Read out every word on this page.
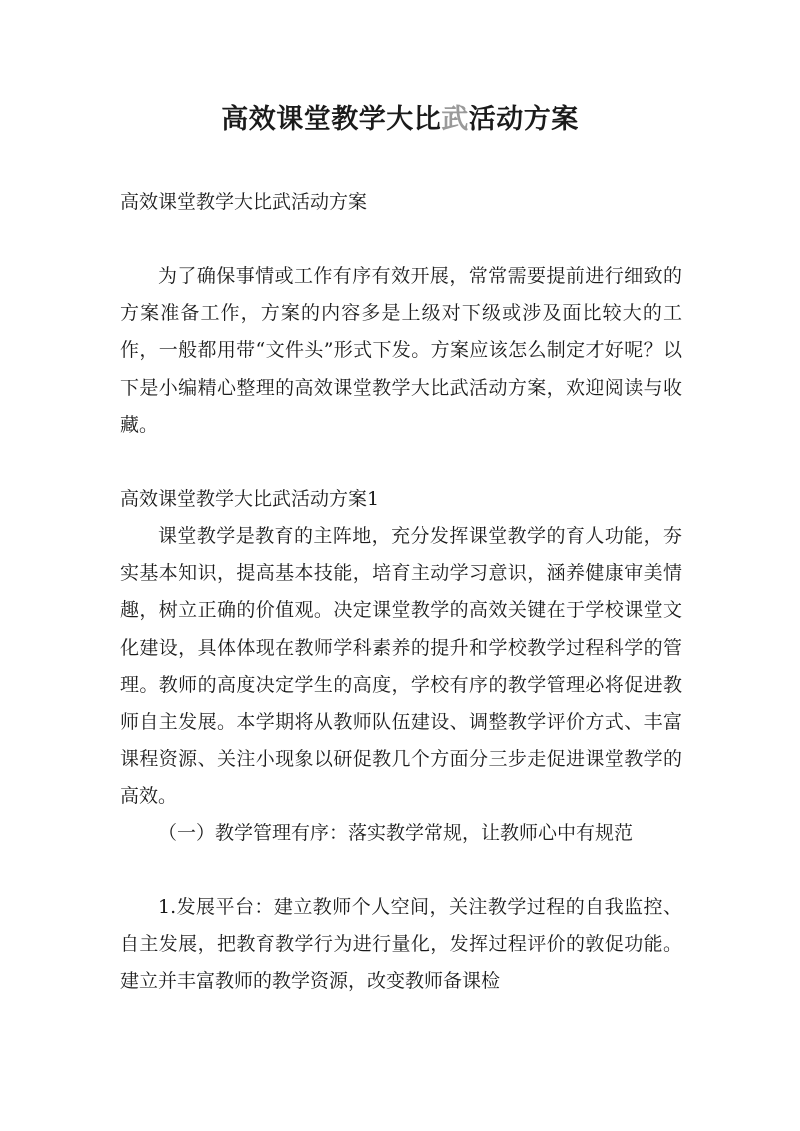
高效课堂教学大比武活动方案

高效课堂教学大比武活动方案

为了确保事情或工作有序有效开展，常常需要提前进行细致的方案准备工作，方案的内容多是上级对下级或涉及面比较大的工作，一般都用带“文件头”形式下发。方案应该怎么制定才好呢？以下是小编精心整理的高效课堂教学大比武活动方案，欢迎阅读与收藏。

高效课堂教学大比武活动方案1

课堂教学是教育的主阵地，充分发挥课堂教学的育人功能，夯实基本知识，提高基本技能，培育主动学习意识，涵养健康审美情趣，树立正确的价值观。决定课堂教学的高效关键在于学校课堂文化建设，具体体现在教师学科素养的提升和学校教学过程科学的管理。教师的高度决定学生的高度，学校有序的教学管理必将促进教师自主发展。本学期将从教师队伍建设、调整教学评价方式、丰富课程资源、关注小现象以研促教几个方面分三步走促进课堂教学的高效。

（一）教学管理有序：落实教学常规，让教师心中有规范

1.发展平台：建立教师个人空间，关注教学过程的自我监控、自主发展，把教育教学行为进行量化，发挥过程评价的敦促功能。建立并丰富教师的教学资源，改变教师备课检
